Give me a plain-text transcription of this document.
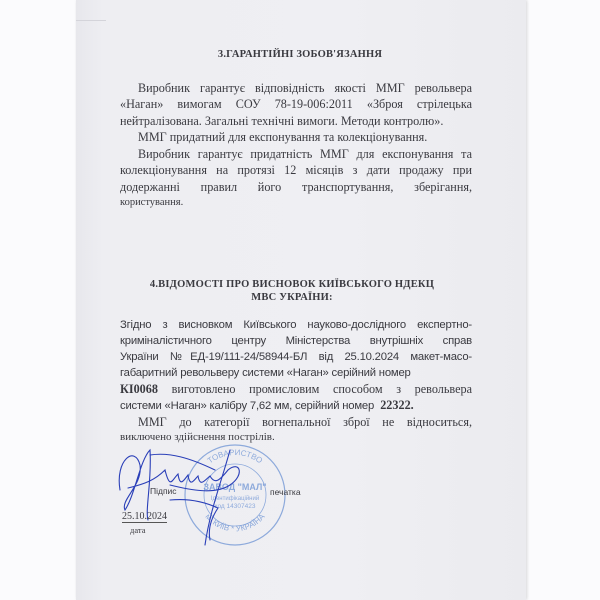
3.ГАРАНТІЙНІ ЗОБОВ'ЯЗАННЯ
Виробник гарантує відповідність якості ММГ револьвера
«Наган» вимогам СОУ 78-19-006:2011 «Зброя стрілецька
нейтралізована. Загальні технічні вимоги. Методи контролю».
ММГ придатний для експонування та колекціонування.
Виробник гарантує придатність ММГ для експонування та
колекціонування на протязі 12 місяців з дати продажу при
додержанні правил його транспортування, зберігання,
користування.
4.ВІДОМОСТІ ПРО ВИСНОВОК КИЇВСЬКОГО НДЕКЦ
МВС УКРАЇНИ:
Згідно з висновком Київського науково-дослідного експертно-
криміналістичного центру Міністерства внутрішніх справ
України №ЕД-19/111-24/58944-БЛ від 25.10.2024 макет-масо-
габаритний револьверу системи «Наган» серійний номер
КІ0068 виготовлено промисловим способом з револьвера
системи «Наган» калібру 7,62 мм, серійний номер 22322.
ММГ до категорії вогнепальної зброї не відноситься,
виключено здійснення пострілів.
ТОВАРИСТВО
м. КИЇВ * УКРАЇНА
ЗАВОД "МАЛ"
Ідентифікаційний
код 14307423
Підпис	печатка
25.10.2024
дата
